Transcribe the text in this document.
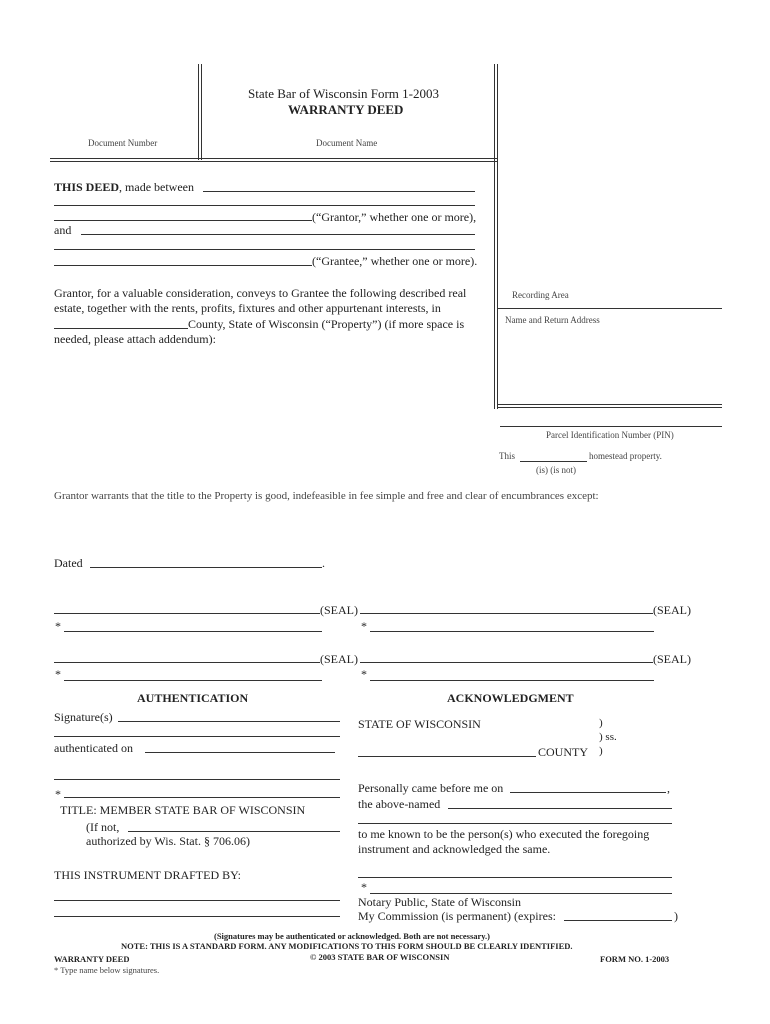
State Bar of Wisconsin Form 1-2003
WARRANTY DEED
Document Number	Document Name
THIS DEED, made between
(“Grantor,” whether one or more),
and
(“Grantee,” whether one or more).
Grantor, for a valuable consideration, conveys to Grantee the following described real
estate, together with the rents, profits, fixtures and other appurtenant interests, in
County, State of Wisconsin (“Property”) (if more space is
needed, please attach addendum):
Recording Area
Name and Return Address
Parcel Identification Number (PIN)
This	homestead property.
(is) (is not)
Grantor warrants that the title to the Property is good, indefeasible in fee simple and free and clear of encumbrances except:
Dated	.
(SEAL)	(SEAL)
*	*
(SEAL)	(SEAL)
*	*
AUTHENTICATION
Signature(s)
authenticated on
*
TITLE: MEMBER STATE BAR OF WISCONSIN
(If not,
authorized by Wis. Stat. § 706.06)
THIS INSTRUMENT DRAFTED BY:
ACKNOWLEDGMENT
STATE OF WISCONSIN	)
) ss.
COUNTY )
Personally came before me on	,
the above-named
to me known to be the person(s) who executed the foregoing
instrument and acknowledged the same.
*
Notary Public, State of Wisconsin
My Commission (is permanent) (expires:	)
(Signatures may be authenticated or acknowledged. Both are not necessary.)
NOTE: THIS IS A STANDARD FORM. ANY MODIFICATIONS TO THIS FORM SHOULD BE CLEARLY IDENTIFIED.
WARRANTY DEED	© 2003 STATE BAR OF WISCONSIN	FORM NO. 1-2003
* Type name below signatures.
